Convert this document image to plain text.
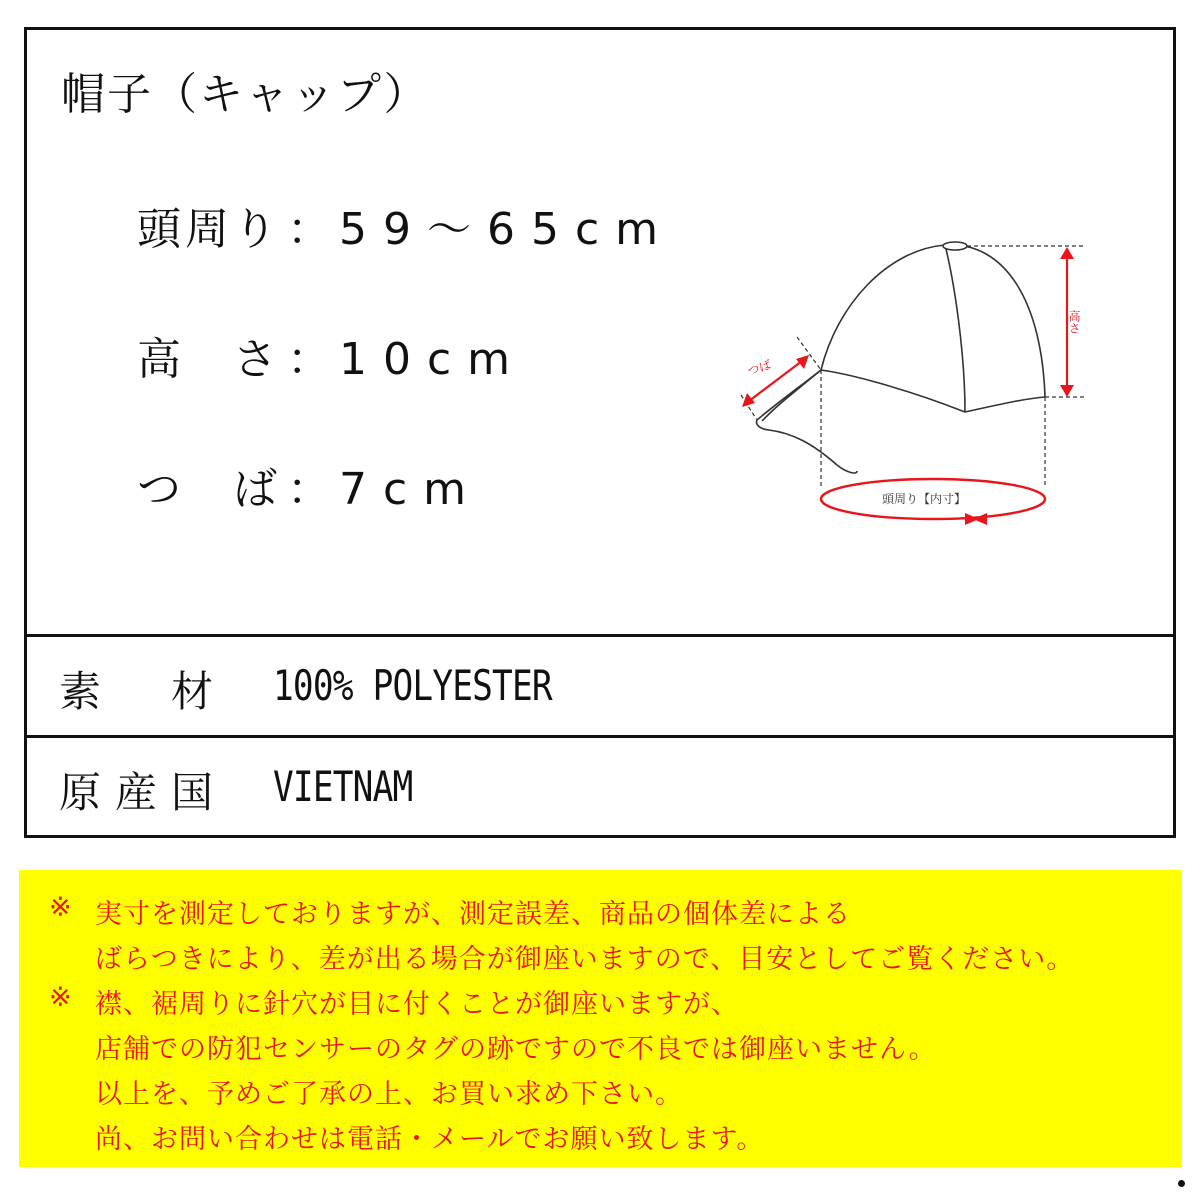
帽子（キャップ）
頭周り ： 59～65cm
高　さ ： 10cm
つ　ば ： 7cm
高さ
つば
頭周り【内寸】
素　材 100% POLYESTER
原産国 VIETNAM
※ 実寸を測定しておりますが、測定誤差、商品の個体差による
ばらつきにより、差が出る場合が御座いますので、目安としてご覧ください。
※ 襟、裾周りに針穴が目に付くことが御座いますが、
店舗での防犯センサーのタグの跡ですので不良では御座いません。
以上を、予めご了承の上、お買い求め下さい。
尚、お問い合わせは電話・メールでお願い致します。
